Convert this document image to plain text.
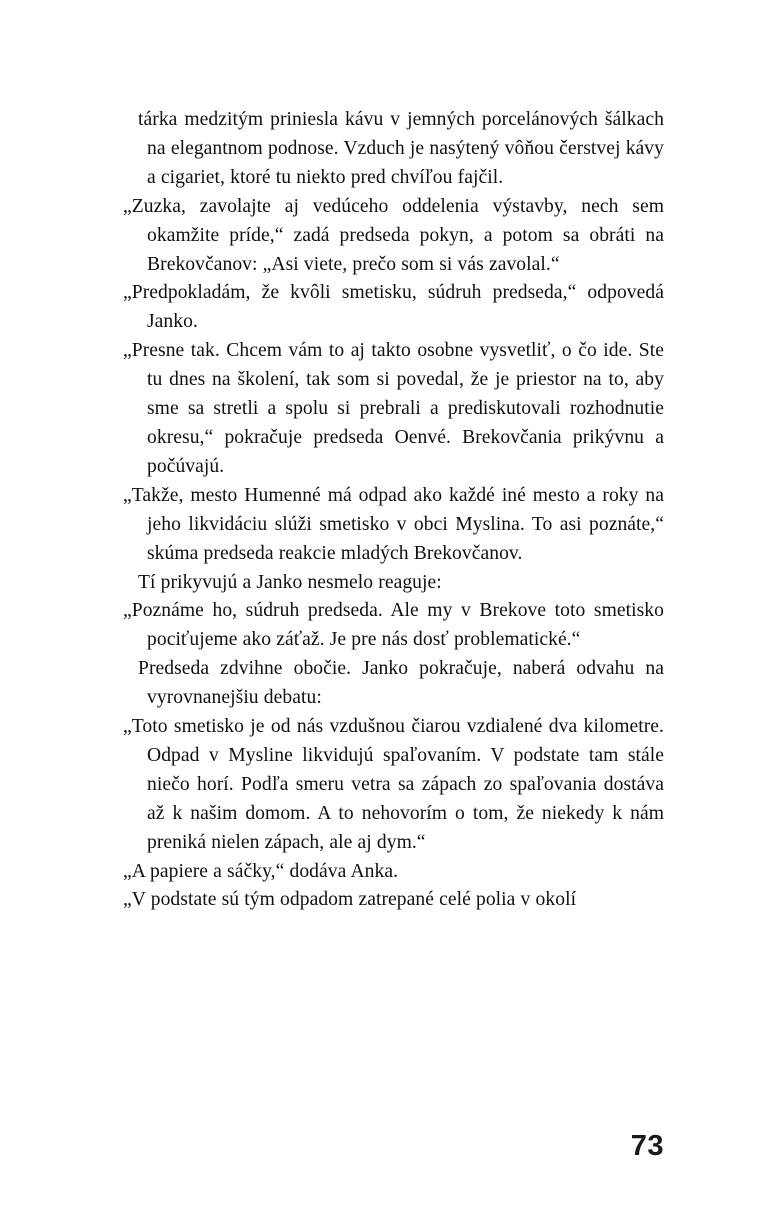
tárka medzitým priniesla kávu v jemných porcelánových šálkach na elegantnom podnose. Vzduch je nasýtený vôňou čerstvej kávy a cigariet, ktoré tu niekto pred chvíľou fajčil.

„Zuzka, zavolajte aj vedúceho oddelenia výstavby, nech sem okamžite príde,“ zadá predseda pokyn, a potom sa obráti na Brekovčanov: „Asi viete, prečo som si vás zavolal.“

„Predpokladám, že kvôli smetisku, súdruh predseda,“ odpovedá Janko.

„Presne tak. Chcem vám to aj takto osobne vysvetliť, o čo ide. Ste tu dnes na školení, tak som si povedal, že je priestor na to, aby sme sa stretli a spolu si prebrali a prediskutovali rozhodnutie okresu,“ pokračuje predseda Oenvé. Brekovčania prikývnu a počúvajú.

„Takže, mesto Humenné má odpad ako každé iné mesto a roky na jeho likvidáciu slúži smetisko v obci Myslina. To asi poznáte,“ skúma predseda reakcie mladých Brekovčanov.

Tí prikyvujú a Janko nesmelo reaguje:

„Poznáme ho, súdruh predseda. Ale my v Brekove toto smetisko pociťujeme ako záťaž. Je pre nás dosť problematické.“

Predseda zdvihne obočie. Janko pokračuje, naberá odvahu na vyrovnanejšiu debatu:

„Toto smetisko je od nás vzdušnou čiarou vzdialené dva kilometre. Odpad v Mysline likvidujú spaľovaním. V podstate tam stále niečo horí. Podľa smeru vetra sa zápach zo spaľovania dostáva až k našim domom. A to nehovorím o tom, že niekedy k nám preniká nielen zápach, ale aj dym.“

„A papiere a sáčky,“ dodáva Anka.

„V podstate sú tým odpadom zatrepané celé polia v okolí

73
